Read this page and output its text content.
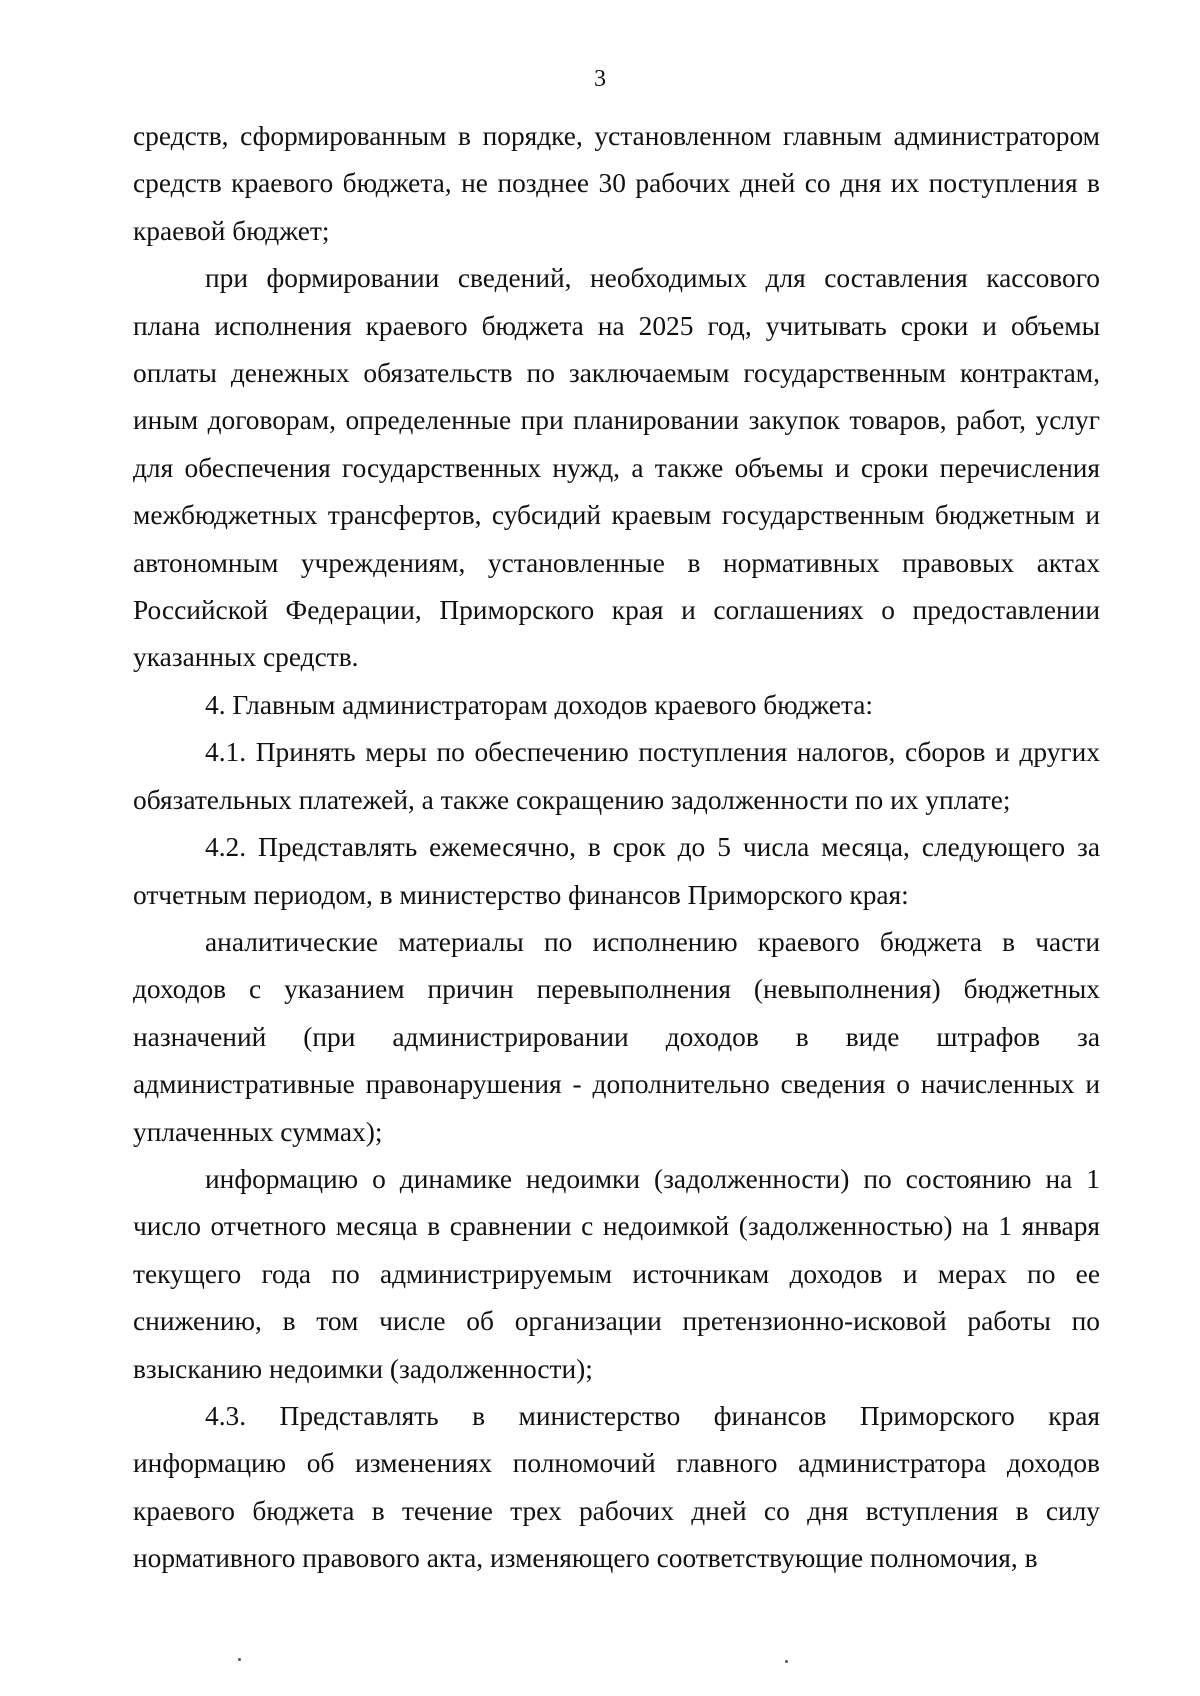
3

средств, сформированным в порядке, установленном главным администратором средств краевого бюджета, не позднее 30 рабочих дней со дня их поступления в краевой бюджет;

при формировании сведений, необходимых для составления кассового плана исполнения краевого бюджета на 2025 год, учитывать сроки и объемы оплаты денежных обязательств по заключаемым государственным контрактам, иным договорам, определенные при планировании закупок товаров, работ, услуг для обеспечения государственных нужд, а также объемы и сроки перечисления межбюджетных трансфертов, субсидий краевым государственным бюджетным и автономным учреждениям, установленные в нормативных правовых актах Российской Федерации, Приморского края и соглашениях о предоставлении указанных средств.

4. Главным администраторам доходов краевого бюджета:

4.1. Принять меры по обеспечению поступления налогов, сборов и других обязательных платежей, а также сокращению задолженности по их уплате;

4.2. Представлять ежемесячно, в срок до 5 числа месяца, следующего за отчетным периодом, в министерство финансов Приморского края:

аналитические материалы по исполнению краевого бюджета в части доходов с указанием причин перевыполнения (невыполнения) бюджетных назначений (при администрировании доходов в виде штрафов за административные правонарушения - дополнительно сведения о начисленных и уплаченных суммах);

информацию о динамике недоимки (задолженности) по состоянию на 1 число отчетного месяца в сравнении с недоимкой (задолженностью) на 1 января текущего года по администрируемым источникам доходов и мерах по ее снижению, в том числе об организации претензионно-исковой работы по взысканию недоимки (задолженности);

4.3. Представлять в министерство финансов Приморского края информацию об изменениях полномочий главного администратора доходов краевого бюджета в течение трех рабочих дней со дня вступления в силу нормативного правового акта, изменяющего соответствующие полномочия, в
